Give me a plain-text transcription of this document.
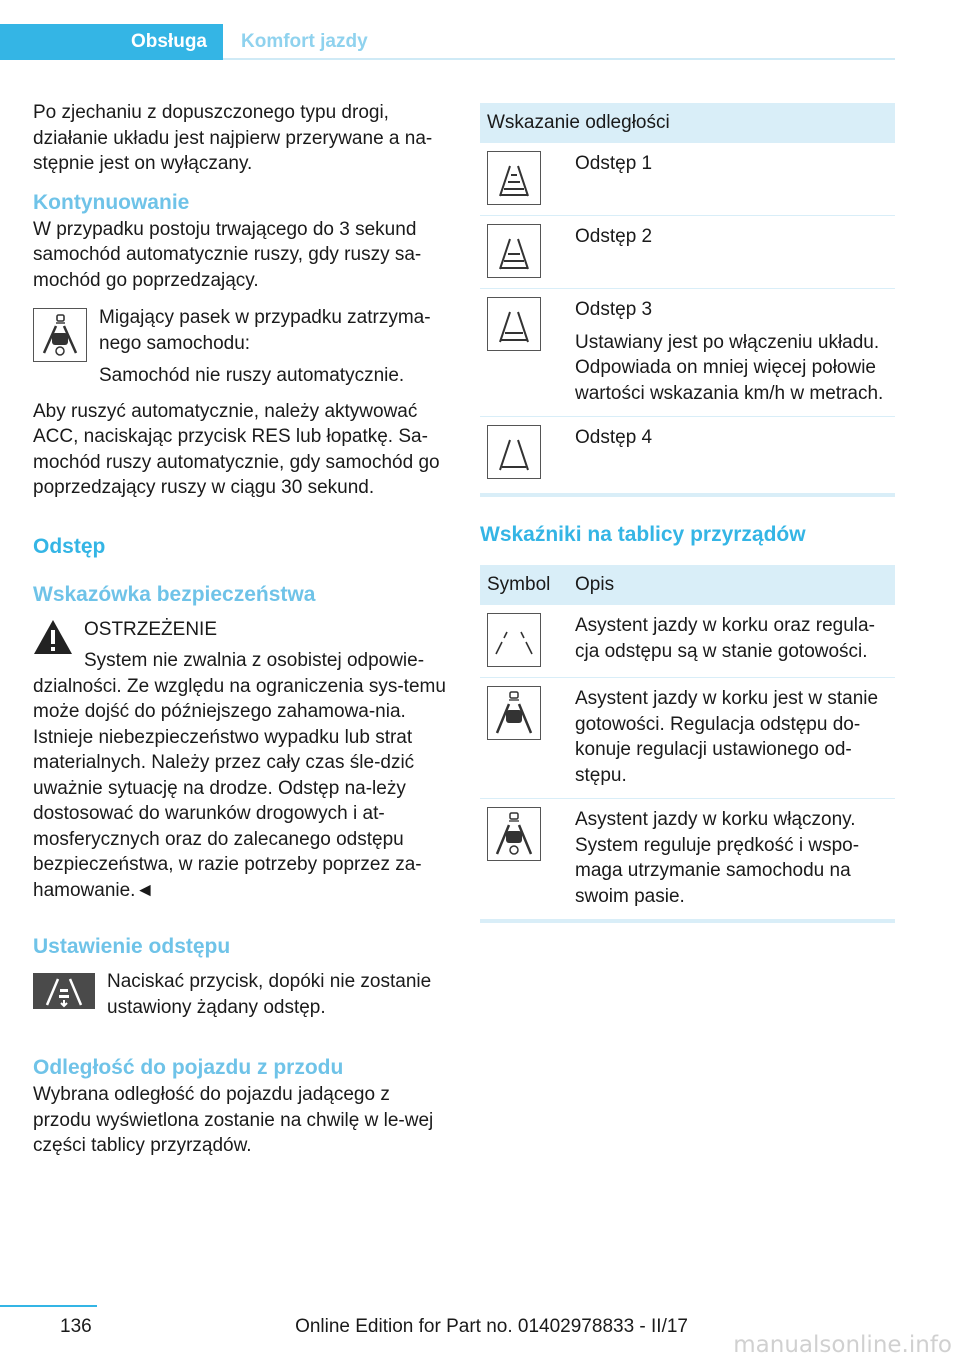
Obsługa	Komfort jazdy

Po zjechaniu z dopuszczonego typu drogi, działanie układu jest najpierw przerywane a na-stępnie jest on wyłączany.

Kontynuowanie

W przypadku postoju trwającego do 3 sekund samochód automatycznie ruszy, gdy ruszy sa-mochód go poprzedzający.

Migający pasek w przypadku zatrzyma-nego samochodu:

Samochód nie ruszy automatycznie.

Aby ruszyć automatycznie, należy aktywować ACC, naciskając przycisk RES lub łopatkę. Sa-mochód ruszy automatycznie, gdy samochód go poprzedzający ruszy w ciągu 30 sekund.

Odstęp
Wskazówka bezpieczeństwa

OSTRZEŻENIE

System nie zwalnia z osobistej odpowie-dzialności. Ze względu na ograniczenia sys-temu może dojść do późniejszego zahamowa-nia. Istnieje niebezpieczeństwo wypadku lub strat materialnych. Należy przez cały czas śle-dzić uważnie sytuację na drodze. Odstęp na-leży dostosować do warunków drogowych i at-mosferycznych oraz do zalecanego odstępu bezpieczeństwa, w razie potrzeby poprzez za-hamowanie.◄

Ustawienie odstępu

Naciskać przycisk, dopóki nie zostanie ustawiony żądany odstęp.

Odległość do pojazdu z przodu

Wybrana odległość do pojazdu jadącego z przodu wyświetlona zostanie na chwilę w le-wej części tablicy przyrządów.

Wskazanie odległości	

Odstęp 1

Odstęp 2

Odstęp 3

Ustawiany jest po włączeniu układu. Odpowiada on mniej więcej połowie wartości wskazania km/h w metrach.

Odstęp 4

Wskaźniki na tablicy przyrządów
Symbol	Opis

	Asystent jazdy w korku oraz regula-cja odstępu są w stanie gotowości.

	Asystent jazdy w korku jest w stanie gotowości. Regulacja odstępu do-konuje regulacji ustawionego od-stępu.

	Asystent jazdy w korku włączony. System reguluje prędkość i wspo-maga utrzymanie samochodu na swoim pasie.
136	Online Edition for Part no. 01402978833 - II/17
manualsonline.info
